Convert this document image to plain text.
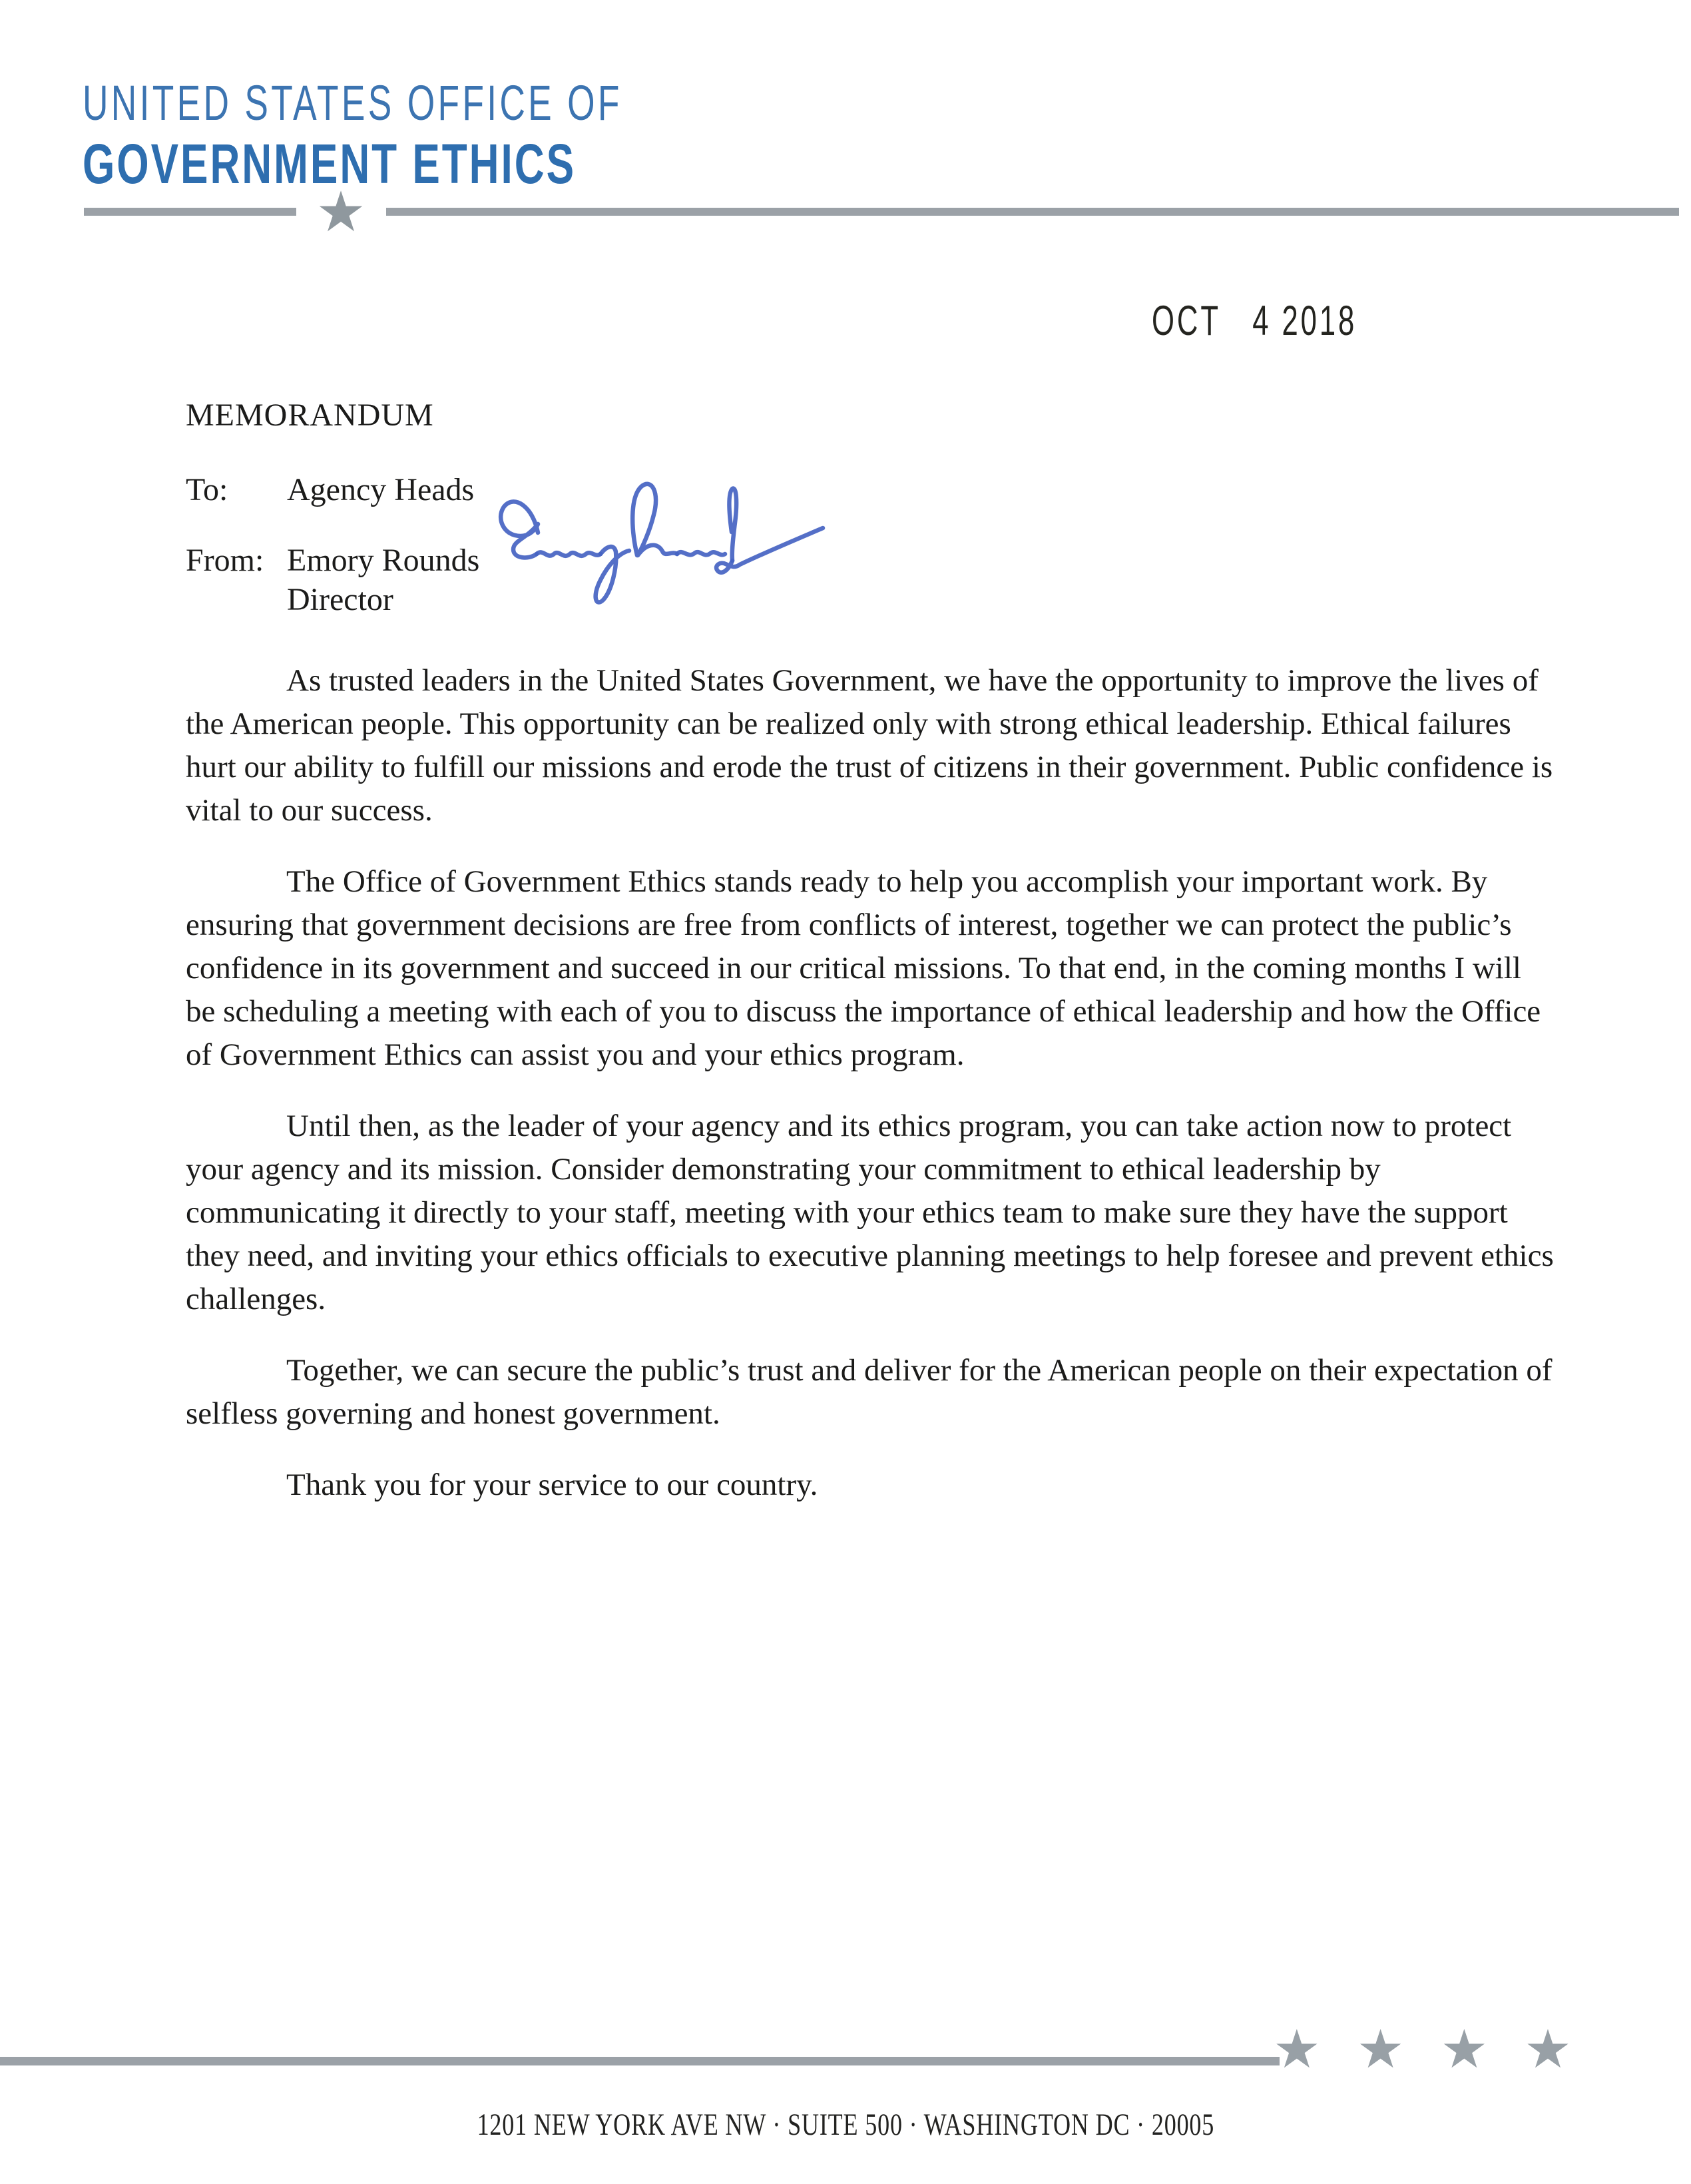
UNITED STATES OFFICE OF
GOVERNMENT ETHICS
★
OCT   4 2018
MEMORANDUM
To: Agency Heads
From: Emory Rounds
Director

As trusted leaders in the United States Government, we have the opportunity to improve the lives of the American people. This opportunity can be realized only with strong ethical leadership. Ethical failures hurt our ability to fulfill our missions and erode the trust of citizens in their government. Public confidence is vital to our success.

The Office of Government Ethics stands ready to help you accomplish your important work. By ensuring that government decisions are free from conflicts of interest, together we can protect the public’s confidence in its government and succeed in our critical missions. To that end, in the coming months I will be scheduling a meeting with each of you to discuss the importance of ethical leadership and how the Office of Government Ethics can assist you and your ethics program.

Until then, as the leader of your agency and its ethics program, you can take action now to protect your agency and its mission. Consider demonstrating your commitment to ethical leadership by communicating it directly to your staff, meeting with your ethics team to make sure they have the support they need, and inviting your ethics officials to executive planning meetings to help foresee and prevent ethics challenges.

Together, we can secure the public’s trust and deliver for the American people on their expectation of selfless governing and honest government.

Thank you for your service to our country.

★ ★ ★ ★
1201 NEW YORK AVE NW · SUITE 500 · WASHINGTON DC · 20005
